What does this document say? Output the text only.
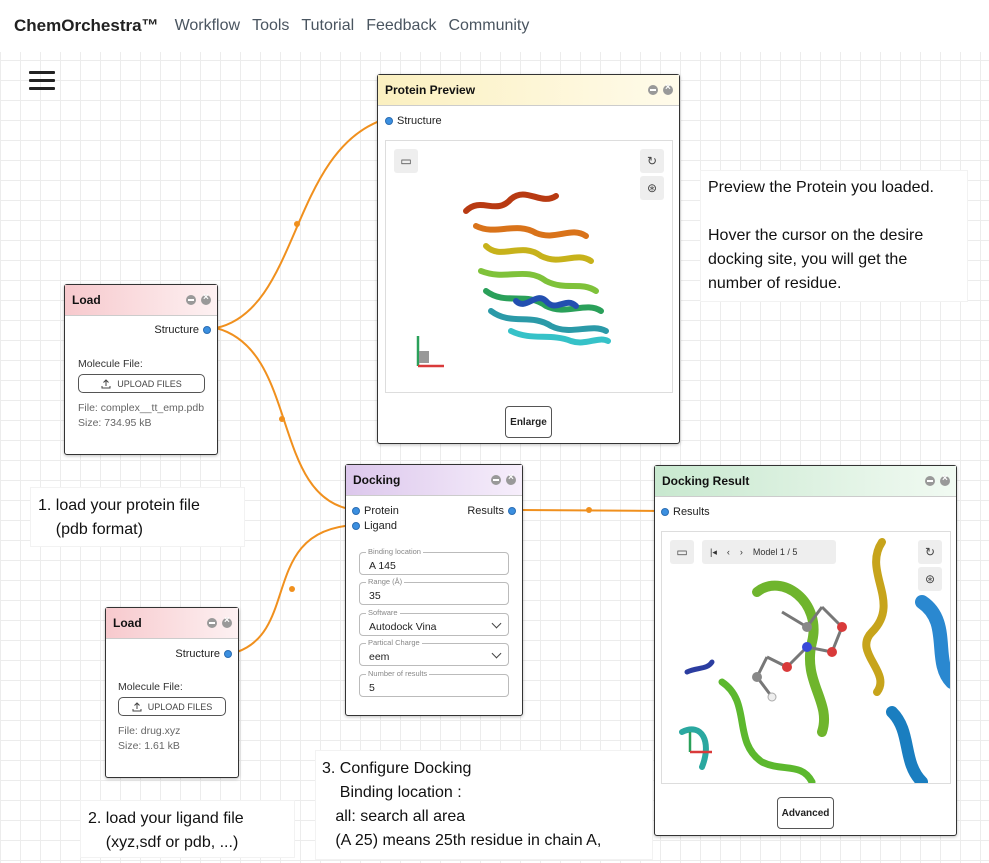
ChemOrchestra™ Workflow Tools Tutorial Feedback Community
Load
×
Structure
Molecule File:
UPLOAD FILES
File: complex__tt_emp.pdb
Size: 734.95 kB
Load
×
Structure
Molecule File:
UPLOAD FILES
File: drug.xyz
Size: 1.61 kB
Protein Preview
×
Structure
▭	↻
⊛
Enlarge
Docking
×
Protein
Ligand
Results
Binding location
A 145
Range (Å)
35
Software
Autodock Vina
Partical Charge
eem
Number of results
5
Docking Result
×
Results
▭	|◂ ‹ › Model 1 / 5	↻
⊛
Advanced
Preview the Protein you loaded.
Hover the cursor on the desire
docking site, you will get the
number of residue.
1. load your protein file
(pdb format)
2. load your ligand file
(xyz,sdf or pdb, ...)
3. Configure Docking
Binding location :
all: search all area
(A 25) means 25th residue in chain A,
